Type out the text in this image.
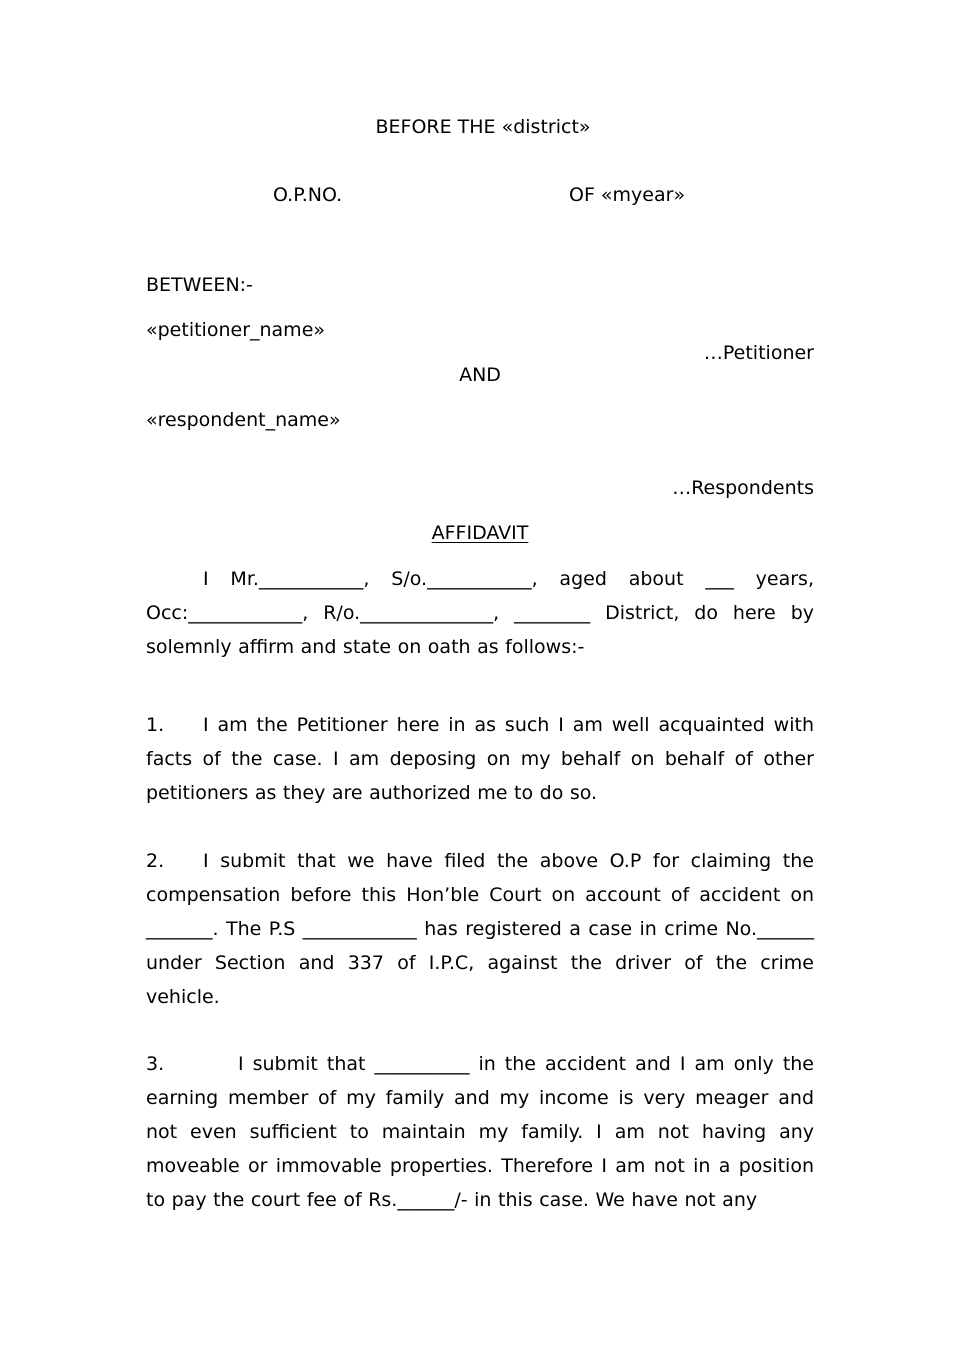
BEFORE THE «district»
O.P.NO.	OF «myear»
BETWEEN:-
«petitioner_name»
…Petitioner
AND
«respondent_name»
…Respondents
AFFIDAVIT
I Mr.___________, S/o.___________, aged about ___ years, Occ:____________, R/o.______________, ________ District, do here by solemnly affirm and state on oath as follows:-
1. I am the Petitioner here in as such I am well acquainted with facts of the case. I am deposing on my behalf on behalf of other petitioners as they are authorized me to do so.
2. I submit that we have filed the above O.P for claiming the compensation before this Hon’ble Court on account of accident on _______. The P.S ____________ has registered a case in crime No.______ under Section and 337 of I.P.C, against the driver of the crime vehicle.
3.	I submit that __________ in the accident and I am only the earning member of my family and my income is very meager and not even sufficient to maintain my family. I am not having any moveable or immovable properties. Therefore I am not in a position to pay the court fee of Rs.______/- in this case. We have not any
